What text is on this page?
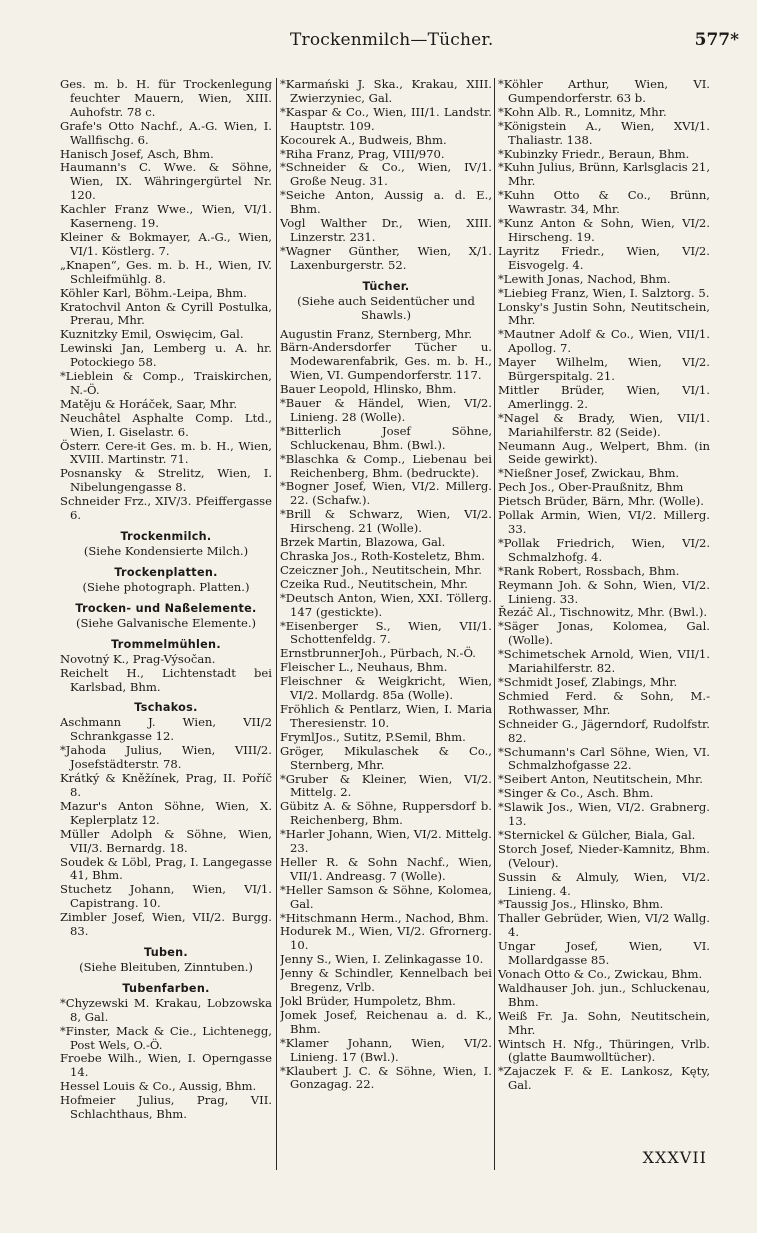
Trockenmilch—Tücher.	577*

Ges. m. b. H. für Trockenlegung feuchter Mauern, Wien, XIII. Auhofstr. 78 c.

Grafe's Otto Nachf., A.-G. Wien, I. Wallfischg. 6.

Hanisch Josef, Asch, Bhm.

Haumann's C. Wwe. & Söhne, Wien, IX. Währingergürtel Nr. 120.

Kachler Franz Wwe., Wien, VI/1. Kaserneng. 19.

Kleiner & Bokmayer, A.-G., Wien, VI/1. Köstlerg. 7.

„Knapen“, Ges. m. b. H., Wien, IV. Schleifmühlg. 8.

Köhler Karl, Böhm.-Leipa, Bhm.

Kratochvil Anton & Cyrill Postulka, Prerau, Mhr.

Kuznitzky Emil, Oswięcim, Gal.

Lewinski Jan, Lemberg u. A. hr. Potockiego 58.

*Lieblein & Comp., Traiskirchen, N.-Ö.

Matěju & Horáček, Saar, Mhr.

Neuchâtel Asphalte Comp. Ltd., Wien, I. Giselastr. 6.

Österr. Cere-it Ges. m. b. H., Wien, XVIII. Martinstr. 71.

Posnansky & Strelitz, Wien, I. Nibelungengasse 8.

Schneider Frz., XIV/3. Pfeiffergasse 6.

Trockenmilch.

(Siehe Kondensierte Milch.)

Trockenplatten.

(Siehe photograph. Platten.)

Trocken- und Naßelemente.

(Siehe Galvanische Elemente.)

Trommelmühlen.

Novotný K., Prag-Výsočan.

Reichelt H., Lichtenstadt bei Karlsbad, Bhm.

Tschakos.

Aschmann J. Wien, VII/2 Schrankgasse 12.

*Jahoda Julius, Wien, VIII/2. Josefstädterstr. 78.

Krátký & Kněžínek, Prag, II. Poříč 8.

Mazur's Anton Söhne, Wien, X. Keplerplatz 12.

Müller Adolph & Söhne, Wien, VII/3. Bernardg. 18.

Soudek & Löbl, Prag, I. Langegasse 41, Bhm.

Stuchetz Johann, Wien, VI/1. Capistrang. 10.

Zimbler Josef, Wien, VII/2. Burgg. 83.

Tuben.

(Siehe Bleituben, Zinntuben.)

Tubenfarben.

*Chyzewski M. Krakau, Lobzowska 8, Gal.

*Finster, Mack & Cie., Lichtenegg, Post Wels, O.-Ö.

Froebe Wilh., Wien, I. Operngasse 14.

Hessel Louis & Co., Aussig, Bhm.

Hofmeier Julius, Prag, VII. Schlachthaus, Bhm.

*Karmański J. Ska., Krakau, XIII. Zwierzyniec, Gal.

*Kaspar & Co., Wien, III/1. Landstr. Hauptstr. 109.

Kocourek A., Budweis, Bhm.

*Riha Franz, Prag, VIII/970.

*Schneider & Co., Wien, IV/1. Große Neug. 31.

*Seiche Anton, Aussig a. d. E., Bhm.

Vogl Walther Dr., Wien, XIII. Linzerstr. 231.

*Wagner Günther, Wien, X/1. Laxenburgerstr. 52.

Tücher.

(Siehe auch Seidentücher und Shawls.)

Augustin Franz, Sternberg, Mhr.

Bärn-Andersdorfer Tücher u. Modewarenfabrik, Ges. m. b. H., Wien, VI. Gumpendorferstr. 117.

Bauer Leopold, Hlinsko, Bhm.

*Bauer & Händel, Wien, VI/2. Linieng. 28 (Wolle).

*Bitterlich Josef Söhne, Schluckenau, Bhm. (Bwl.).

*Blaschka & Comp., Liebenau bei Reichenberg, Bhm. (bedruckte).

*Bogner Josef, Wien, VI/2. Millerg. 22. (Schafw.).

*Brill & Schwarz, Wien, VI/2. Hirscheng. 21 (Wolle).

Brzek Martin, Blazowa, Gal.

Chraska Jos., Roth-Kosteletz, Bhm.

Czeiczner Joh., Neutitschein, Mhr.

Czeika Rud., Neutitschein, Mhr.

*Deutsch Anton, Wien, XXI. Töllerg. 147 (gestickte).

*Eisenberger S., Wien, VII/1. Schottenfeldg. 7.

ErnstbrunnerJoh., Pürbach, N.-Ö.

Fleischer L., Neuhaus, Bhm.

Fleischner & Weigkricht, Wien, VI/2. Mollardg. 85a (Wolle).

Fröhlich & Pentlarz, Wien, I. Maria Theresienstr. 10.

FrymlJos., Sutitz, P.Semil, Bhm.

Gröger, Mikulaschek & Co., Sternberg, Mhr.

*Gruber & Kleiner, Wien, VI/2. Mittelg. 2.

Gübitz A. & Söhne, Ruppersdorf b. Reichenberg, Bhm.

*Harler Johann, Wien, VI/2. Mittelg. 23.

Heller R. & Sohn Nachf., Wien, VII/1. Andreasg. 7 (Wolle).

*Heller Samson & Söhne, Kolomea, Gal.

*Hitschmann Herm., Nachod, Bhm.

Hodurek M., Wien, VI/2. Gfrornerg. 10.

Jenny S., Wien, I. Zelinkagasse 10.

Jenny & Schindler, Kennelbach bei Bregenz, Vrlb.

Jokl Brüder, Humpoletz, Bhm.

Jomek Josef, Reichenau a. d. K., Bhm.

*Klamer Johann, Wien, VI/2. Linieng. 17 (Bwl.).

*Klaubert J. C. & Söhne, Wien, I. Gonzagag. 22.

*Köhler Arthur, Wien, VI. Gumpendorferstr. 63 b.

*Kohn Alb. R., Lomnitz, Mhr.

*Königstein A., Wien, XVI/1. Thaliastr. 138.

*Kubinzky Friedr., Beraun, Bhm.

*Kuhn Julius, Brünn, Karlsglacis 21, Mhr.

*Kuhn Otto & Co., Brünn, Wawrastr. 34, Mhr.

*Kunz Anton & Sohn, Wien, VI/2. Hirscheng. 19.

Layritz Friedr., Wien, VI/2. Eisvogelg. 4.

*Lewith Jonas, Nachod, Bhm.

*Liebieg Franz, Wien, I. Salztorg. 5.

Lonsky's Justin Sohn, Neutitschein, Mhr.

*Mautner Adolf & Co., Wien, VII/1. Apollog. 7.

Mayer Wilhelm, Wien, VI/2. Bürgerspitalg. 21.

Mittler Brüder, Wien, VI/1. Amerlingg. 2.

*Nagel & Brady, Wien, VII/1. Mariahilferstr. 82 (Seide).

Neumann Aug., Welpert, Bhm. (in Seide gewirkt).

*Nießner Josef, Zwickau, Bhm.

Pech Jos., Ober-Praußnitz, Bhm

Pietsch Brüder, Bärn, Mhr. (Wolle).

Pollak Armin, Wien, VI/2. Millerg. 33.

*Pollak Friedrich, Wien, VI/2. Schmalzhofg. 4.

*Rank Robert, Rossbach, Bhm.

Reymann Joh. & Sohn, Wien, VI/2. Linieng. 33.

Řezáč Al., Tischnowitz, Mhr. (Bwl.).

*Säger Jonas, Kolomea, Gal. (Wolle).

*Schimetschek Arnold, Wien, VII/1. Mariahilferstr. 82.

*Schmidt Josef, Zlabings, Mhr.

Schmied Ferd. & Sohn, M.-Rothwasser, Mhr.

Schneider G., Jägerndorf, Rudolfstr. 82.

*Schumann's Carl Söhne, Wien, VI. Schmalzhofgasse 22.

*Seibert Anton, Neutitschein, Mhr.

*Singer & Co., Asch. Bhm.

*Slawik Jos., Wien, VI/2. Grabnerg. 13.

*Sternickel & Gülcher, Biala, Gal.

Storch Josef, Nieder-Kamnitz, Bhm. (Velour).

Sussin & Almuly, Wien, VI/2. Linieng. 4.

*Taussig Jos., Hlinsko, Bhm.

Thaller Gebrüder, Wien, VI/2 Wallg. 4.

Ungar Josef, Wien, VI. Mollardgasse 85.

Vonach Otto & Co., Zwickau, Bhm.

Waldhauser Joh. jun., Schluckenau, Bhm.

Weiß Fr. Ja. Sohn, Neutitschein, Mhr.

Wintsch H. Nfg., Thüringen, Vrlb. (glatte Baumwolltücher).

*Zajaczek F. & E. Lankosz, Kęty, Gal.

XXXVII
